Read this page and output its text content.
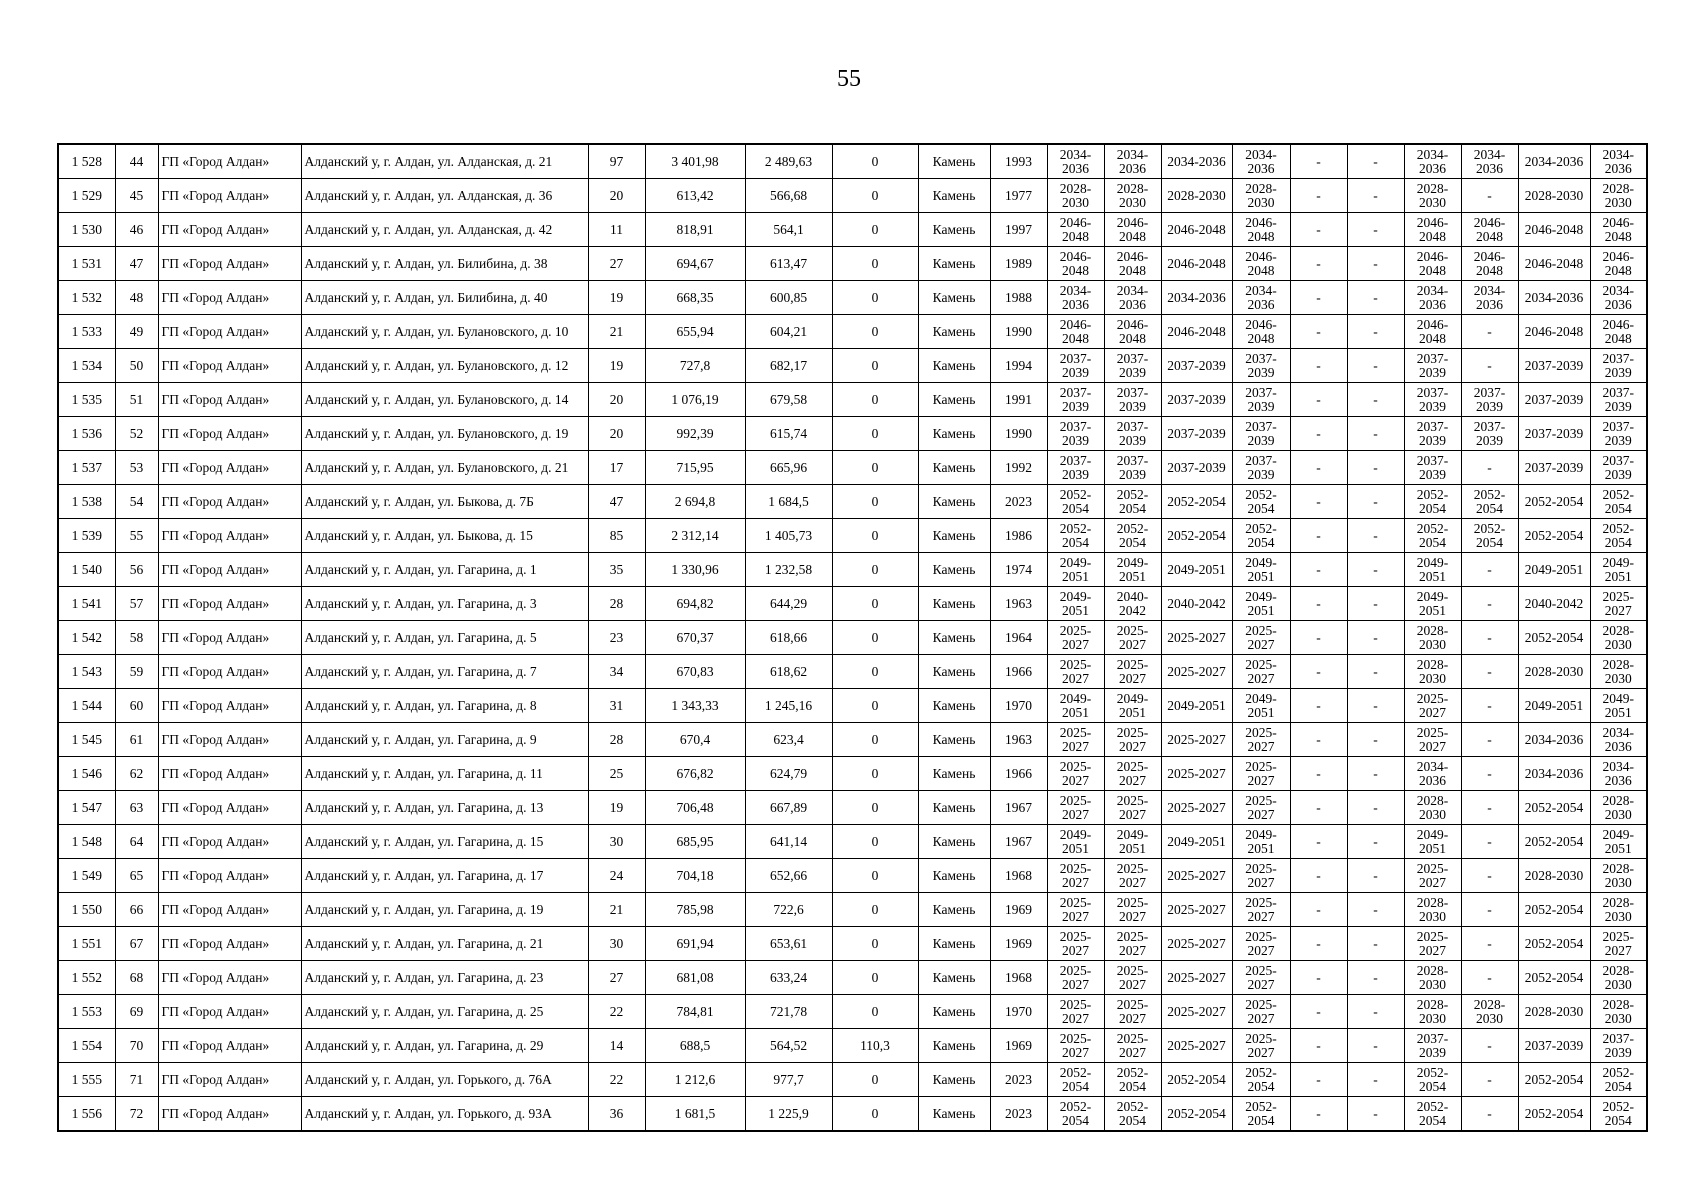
55
1 528	44	ГП «Город Алдан»	Алданский у, г. Алдан, ул. Алданская, д. 21	97	3 401,98	2 489,63	0	Камень	1993	2034-2036	2034-2036	2034-2036	2034-2036	-	-	2034-2036	2034-2036	2034-2036	2034-2036
1 529	45	ГП «Город Алдан»	Алданский у, г. Алдан, ул. Алданская, д. 36	20	613,42	566,68	0	Камень	1977	2028-2030	2028-2030	2028-2030	2028-2030	-	-	2028-2030	-	2028-2030	2028-2030
1 530	46	ГП «Город Алдан»	Алданский у, г. Алдан, ул. Алданская, д. 42	11	818,91	564,1	0	Камень	1997	2046-2048	2046-2048	2046-2048	2046-2048	-	-	2046-2048	2046-2048	2046-2048	2046-2048
1 531	47	ГП «Город Алдан»	Алданский у, г. Алдан, ул. Билибина, д. 38	27	694,67	613,47	0	Камень	1989	2046-2048	2046-2048	2046-2048	2046-2048	-	-	2046-2048	2046-2048	2046-2048	2046-2048
1 532	48	ГП «Город Алдан»	Алданский у, г. Алдан, ул. Билибина, д. 40	19	668,35	600,85	0	Камень	1988	2034-2036	2034-2036	2034-2036	2034-2036	-	-	2034-2036	2034-2036	2034-2036	2034-2036
1 533	49	ГП «Город Алдан»	Алданский у, г. Алдан, ул. Булановского, д. 10	21	655,94	604,21	0	Камень	1990	2046-2048	2046-2048	2046-2048	2046-2048	-	-	2046-2048	-	2046-2048	2046-2048
1 534	50	ГП «Город Алдан»	Алданский у, г. Алдан, ул. Булановского, д. 12	19	727,8	682,17	0	Камень	1994	2037-2039	2037-2039	2037-2039	2037-2039	-	-	2037-2039	-	2037-2039	2037-2039
1 535	51	ГП «Город Алдан»	Алданский у, г. Алдан, ул. Булановского, д. 14	20	1 076,19	679,58	0	Камень	1991	2037-2039	2037-2039	2037-2039	2037-2039	-	-	2037-2039	2037-2039	2037-2039	2037-2039
1 536	52	ГП «Город Алдан»	Алданский у, г. Алдан, ул. Булановского, д. 19	20	992,39	615,74	0	Камень	1990	2037-2039	2037-2039	2037-2039	2037-2039	-	-	2037-2039	2037-2039	2037-2039	2037-2039
1 537	53	ГП «Город Алдан»	Алданский у, г. Алдан, ул. Булановского, д. 21	17	715,95	665,96	0	Камень	1992	2037-2039	2037-2039	2037-2039	2037-2039	-	-	2037-2039	-	2037-2039	2037-2039
1 538	54	ГП «Город Алдан»	Алданский у, г. Алдан, ул. Быкова, д. 7Б	47	2 694,8	1 684,5	0	Камень	2023	2052-2054	2052-2054	2052-2054	2052-2054	-	-	2052-2054	2052-2054	2052-2054	2052-2054
1 539	55	ГП «Город Алдан»	Алданский у, г. Алдан, ул. Быкова, д. 15	85	2 312,14	1 405,73	0	Камень	1986	2052-2054	2052-2054	2052-2054	2052-2054	-	-	2052-2054	2052-2054	2052-2054	2052-2054
1 540	56	ГП «Город Алдан»	Алданский у, г. Алдан, ул. Гагарина, д. 1	35	1 330,96	1 232,58	0	Камень	1974	2049-2051	2049-2051	2049-2051	2049-2051	-	-	2049-2051	-	2049-2051	2049-2051
1 541	57	ГП «Город Алдан»	Алданский у, г. Алдан, ул. Гагарина, д. 3	28	694,82	644,29	0	Камень	1963	2049-2051	2040-2042	2040-2042	2049-2051	-	-	2049-2051	-	2040-2042	2025-2027
1 542	58	ГП «Город Алдан»	Алданский у, г. Алдан, ул. Гагарина, д. 5	23	670,37	618,66	0	Камень	1964	2025-2027	2025-2027	2025-2027	2025-2027	-	-	2028-2030	-	2052-2054	2028-2030
1 543	59	ГП «Город Алдан»	Алданский у, г. Алдан, ул. Гагарина, д. 7	34	670,83	618,62	0	Камень	1966	2025-2027	2025-2027	2025-2027	2025-2027	-	-	2028-2030	-	2028-2030	2028-2030
1 544	60	ГП «Город Алдан»	Алданский у, г. Алдан, ул. Гагарина, д. 8	31	1 343,33	1 245,16	0	Камень	1970	2049-2051	2049-2051	2049-2051	2049-2051	-	-	2025-2027	-	2049-2051	2049-2051
1 545	61	ГП «Город Алдан»	Алданский у, г. Алдан, ул. Гагарина, д. 9	28	670,4	623,4	0	Камень	1963	2025-2027	2025-2027	2025-2027	2025-2027	-	-	2025-2027	-	2034-2036	2034-2036
1 546	62	ГП «Город Алдан»	Алданский у, г. Алдан, ул. Гагарина, д. 11	25	676,82	624,79	0	Камень	1966	2025-2027	2025-2027	2025-2027	2025-2027	-	-	2034-2036	-	2034-2036	2034-2036
1 547	63	ГП «Город Алдан»	Алданский у, г. Алдан, ул. Гагарина, д. 13	19	706,48	667,89	0	Камень	1967	2025-2027	2025-2027	2025-2027	2025-2027	-	-	2028-2030	-	2052-2054	2028-2030
1 548	64	ГП «Город Алдан»	Алданский у, г. Алдан, ул. Гагарина, д. 15	30	685,95	641,14	0	Камень	1967	2049-2051	2049-2051	2049-2051	2049-2051	-	-	2049-2051	-	2052-2054	2049-2051
1 549	65	ГП «Город Алдан»	Алданский у, г. Алдан, ул. Гагарина, д. 17	24	704,18	652,66	0	Камень	1968	2025-2027	2025-2027	2025-2027	2025-2027	-	-	2025-2027	-	2028-2030	2028-2030
1 550	66	ГП «Город Алдан»	Алданский у, г. Алдан, ул. Гагарина, д. 19	21	785,98	722,6	0	Камень	1969	2025-2027	2025-2027	2025-2027	2025-2027	-	-	2028-2030	-	2052-2054	2028-2030
1 551	67	ГП «Город Алдан»	Алданский у, г. Алдан, ул. Гагарина, д. 21	30	691,94	653,61	0	Камень	1969	2025-2027	2025-2027	2025-2027	2025-2027	-	-	2025-2027	-	2052-2054	2025-2027
1 552	68	ГП «Город Алдан»	Алданский у, г. Алдан, ул. Гагарина, д. 23	27	681,08	633,24	0	Камень	1968	2025-2027	2025-2027	2025-2027	2025-2027	-	-	2028-2030	-	2052-2054	2028-2030
1 553	69	ГП «Город Алдан»	Алданский у, г. Алдан, ул. Гагарина, д. 25	22	784,81	721,78	0	Камень	1970	2025-2027	2025-2027	2025-2027	2025-2027	-	-	2028-2030	2028-2030	2028-2030	2028-2030
1 554	70	ГП «Город Алдан»	Алданский у, г. Алдан, ул. Гагарина, д. 29	14	688,5	564,52	110,3	Камень	1969	2025-2027	2025-2027	2025-2027	2025-2027	-	-	2037-2039	-	2037-2039	2037-2039
1 555	71	ГП «Город Алдан»	Алданский у, г. Алдан, ул. Горького, д. 76А	22	1 212,6	977,7	0	Камень	2023	2052-2054	2052-2054	2052-2054	2052-2054	-	-	2052-2054	-	2052-2054	2052-2054
1 556	72	ГП «Город Алдан»	Алданский у, г. Алдан, ул. Горького, д. 93А	36	1 681,5	1 225,9	0	Камень	2023	2052-2054	2052-2054	2052-2054	2052-2054	-	-	2052-2054	-	2052-2054	2052-2054
